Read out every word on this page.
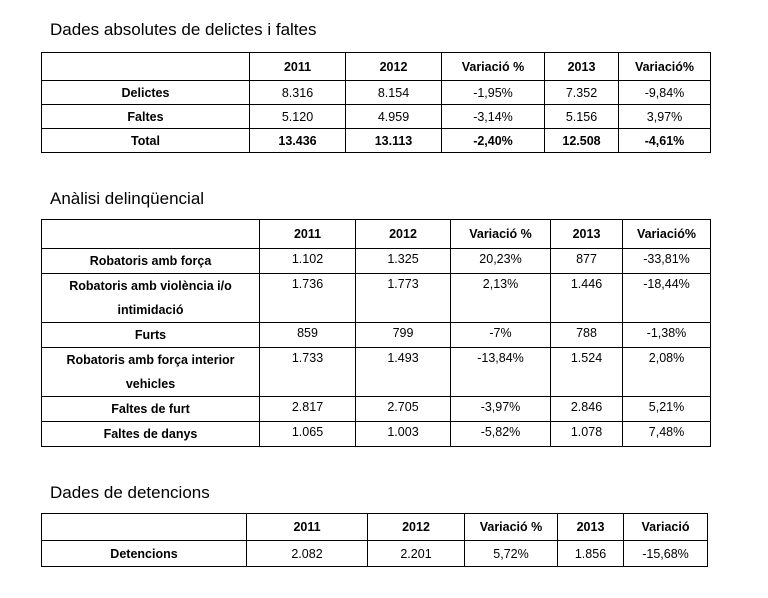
Dades absolutes de delictes i faltes
	2011	2012	Variació %	2013	Variació%
Delictes	8.316	8.154	-1,95%	7.352	-9,84%
Faltes	5.120	4.959	-3,14%	5.156	3,97%
Total	13.436	13.113	-2,40%	12.508	-4,61%
Anàlisi delinqüencial
	2011	2012	Variació %	2013	Variació%
Robatoris amb força	1.102	1.325	20,23%	877	-33,81%
Robatoris amb violència i/o intimidació	1.736	1.773	2,13%	1.446	-18,44%
Furts	859	799	-7%	788	-1,38%
Robatoris amb força interior vehicles	1.733	1.493	-13,84%	1.524	2,08%
Faltes de furt	2.817	2.705	-3,97%	2.846	5,21%
Faltes de danys	1.065	1.003	-5,82%	1.078	7,48%
Dades de detencions
	2011	2012	Variació %	2013	Variació
Detencions	2.082	2.201	5,72%	1.856	-15,68%
